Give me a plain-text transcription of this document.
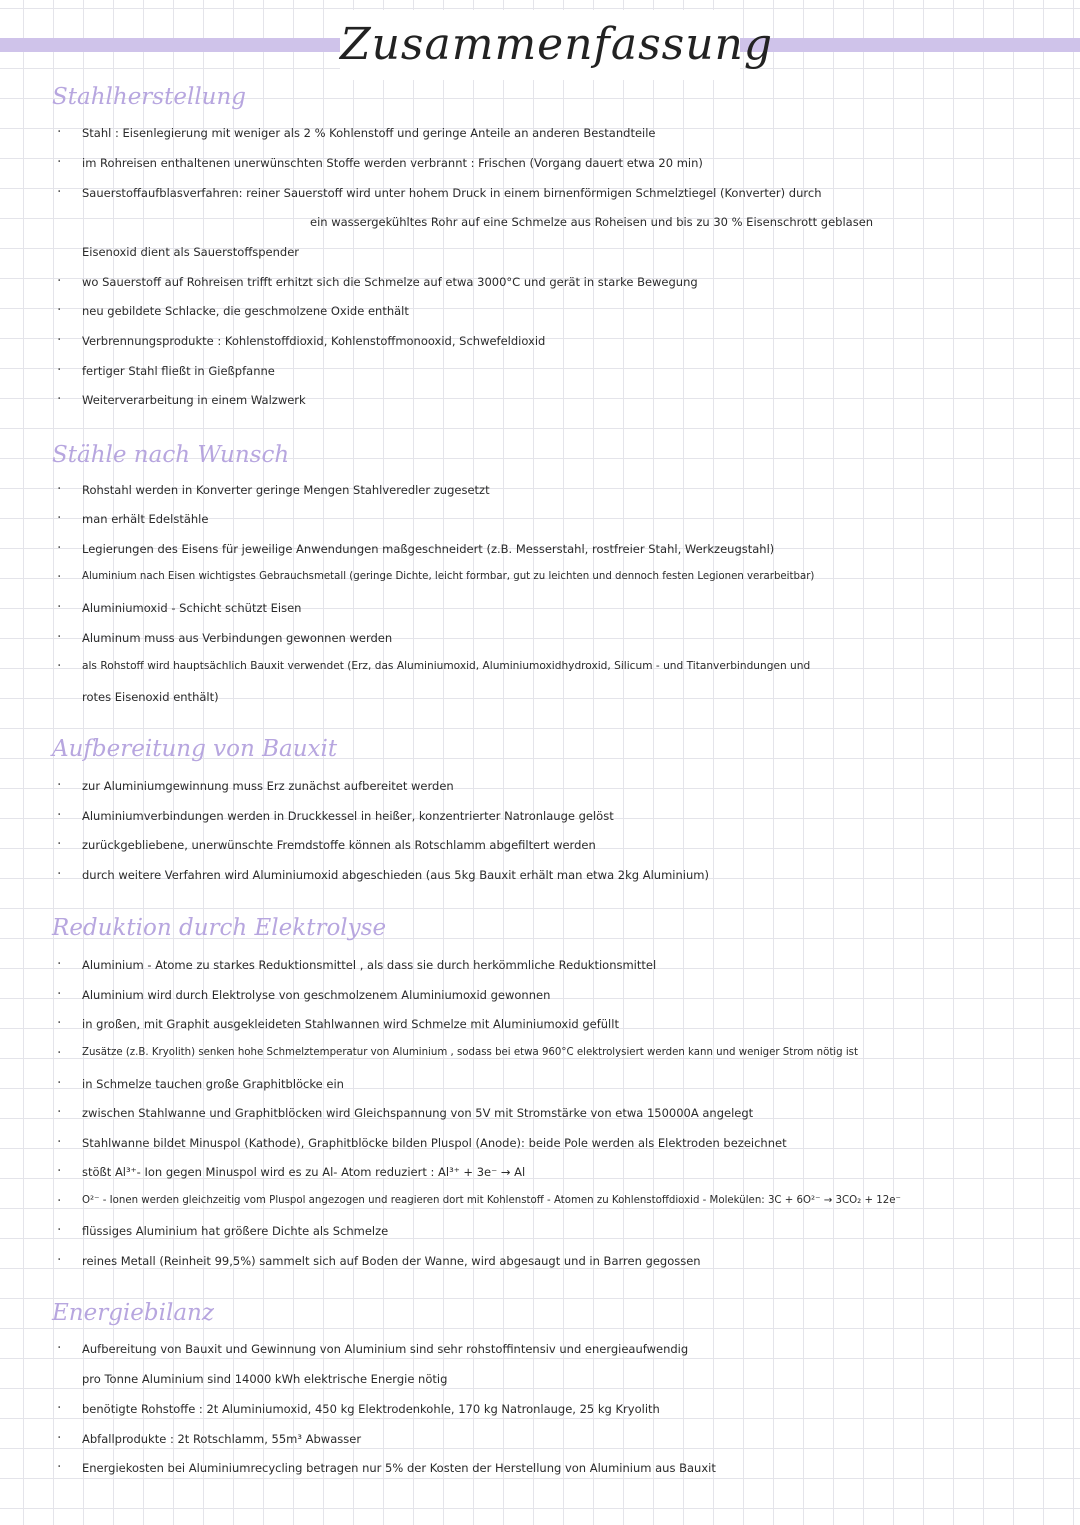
Zusammenfassung
Stahlherstellung
· Stahl : Eisenlegierung mit weniger als 2 % Kohlenstoff und geringe Anteile an anderen Bestandteile
· im Rohreisen enthaltenen unerwünschten Stoffe werden verbrannt : Frischen (Vorgang dauert etwa 20 min)
· Sauerstoffaufblasverfahren: reiner Sauerstoff wird unter hohem Druck in einem birnenförmigen Schmelztiegel (Konverter) durch
ein wassergekühltes Rohr auf eine Schmelze aus Roheisen und bis zu 30 % Eisenschrott geblasen
Eisenoxid dient als Sauerstoffspender
· wo Sauerstoff auf Rohreisen trifft erhitzt sich die Schmelze auf etwa 3000°C und gerät in starke Bewegung
· neu gebildete Schlacke, die geschmolzene Oxide enthält
· Verbrennungsprodukte : Kohlenstoffdioxid, Kohlenstoffmonooxid, Schwefeldioxid
· fertiger Stahl fließt in Gießpfanne
· Weiterverarbeitung in einem Walzwerk
Stähle nach Wunsch
· Rohstahl werden in Konverter geringe Mengen Stahlveredler zugesetzt
· man erhält Edelstähle
· Legierungen des Eisens für jeweilige Anwendungen maßgeschneidert (z.B. Messerstahl, rostfreier Stahl, Werkzeugstahl)
· Aluminium nach Eisen wichtigstes Gebrauchsmetall (geringe Dichte, leicht formbar, gut zu leichten und dennoch festen Legionen verarbeitbar)
· Aluminiumoxid - Schicht schützt Eisen
· Aluminum muss aus Verbindungen gewonnen werden
· als Rohstoff wird hauptsächlich Bauxit verwendet (Erz, das Aluminiumoxid, Aluminiumoxidhydroxid, Silicum - und Titanverbindungen und
rotes Eisenoxid enthält)
Aufbereitung von Bauxit
· zur Aluminiumgewinnung muss Erz zunächst aufbereitet werden
· Aluminiumverbindungen werden in Druckkessel in heißer, konzentrierter Natronlauge gelöst
· zurückgebliebene, unerwünschte Fremdstoffe können als Rotschlamm abgefiltert werden
· durch weitere Verfahren wird Aluminiumoxid abgeschieden (aus 5kg Bauxit erhält man etwa 2kg Aluminium)
Reduktion durch Elektrolyse
· Aluminium - Atome zu starkes Reduktionsmittel , als dass sie durch herkömmliche Reduktionsmittel
· Aluminium wird durch Elektrolyse von geschmolzenem Aluminiumoxid gewonnen
· in großen, mit Graphit ausgekleideten Stahlwannen wird Schmelze mit Aluminiumoxid gefüllt
· Zusätze (z.B. Kryolith) senken hohe Schmelztemperatur von Aluminium , sodass bei etwa 960°C elektrolysiert werden kann und weniger Strom nötig ist
· in Schmelze tauchen große Graphitblöcke ein
· zwischen Stahlwanne und Graphitblöcken wird Gleichspannung von 5V mit Stromstärke von etwa 150000A angelegt
· Stahlwanne bildet Minuspol (Kathode), Graphitblöcke bilden Pluspol (Anode): beide Pole werden als Elektroden bezeichnet
· stößt Al³⁺- Ion gegen Minuspol wird es zu Al- Atom reduziert : Al³⁺ + 3e⁻ → Al
· O²⁻ - Ionen werden gleichzeitig vom Pluspol angezogen und reagieren dort mit Kohlenstoff - Atomen zu Kohlenstoffdioxid - Molekülen: 3C + 6O²⁻ → 3CO₂ + 12e⁻
· flüssiges Aluminium hat größere Dichte als Schmelze
· reines Metall (Reinheit 99,5%) sammelt sich auf Boden der Wanne, wird abgesaugt und in Barren gegossen
Energiebilanz
· Aufbereitung von Bauxit und Gewinnung von Aluminium sind sehr rohstoffintensiv und energieaufwendig
pro Tonne Aluminium sind 14000 kWh elektrische Energie nötig
· benötigte Rohstoffe : 2t Aluminiumoxid, 450 kg Elektrodenkohle, 170 kg Natronlauge, 25 kg Kryolith
· Abfallprodukte : 2t Rotschlamm, 55m³ Abwasser
· Energiekosten bei Aluminiumrecycling betragen nur 5% der Kosten der Herstellung von Aluminium aus Bauxit
